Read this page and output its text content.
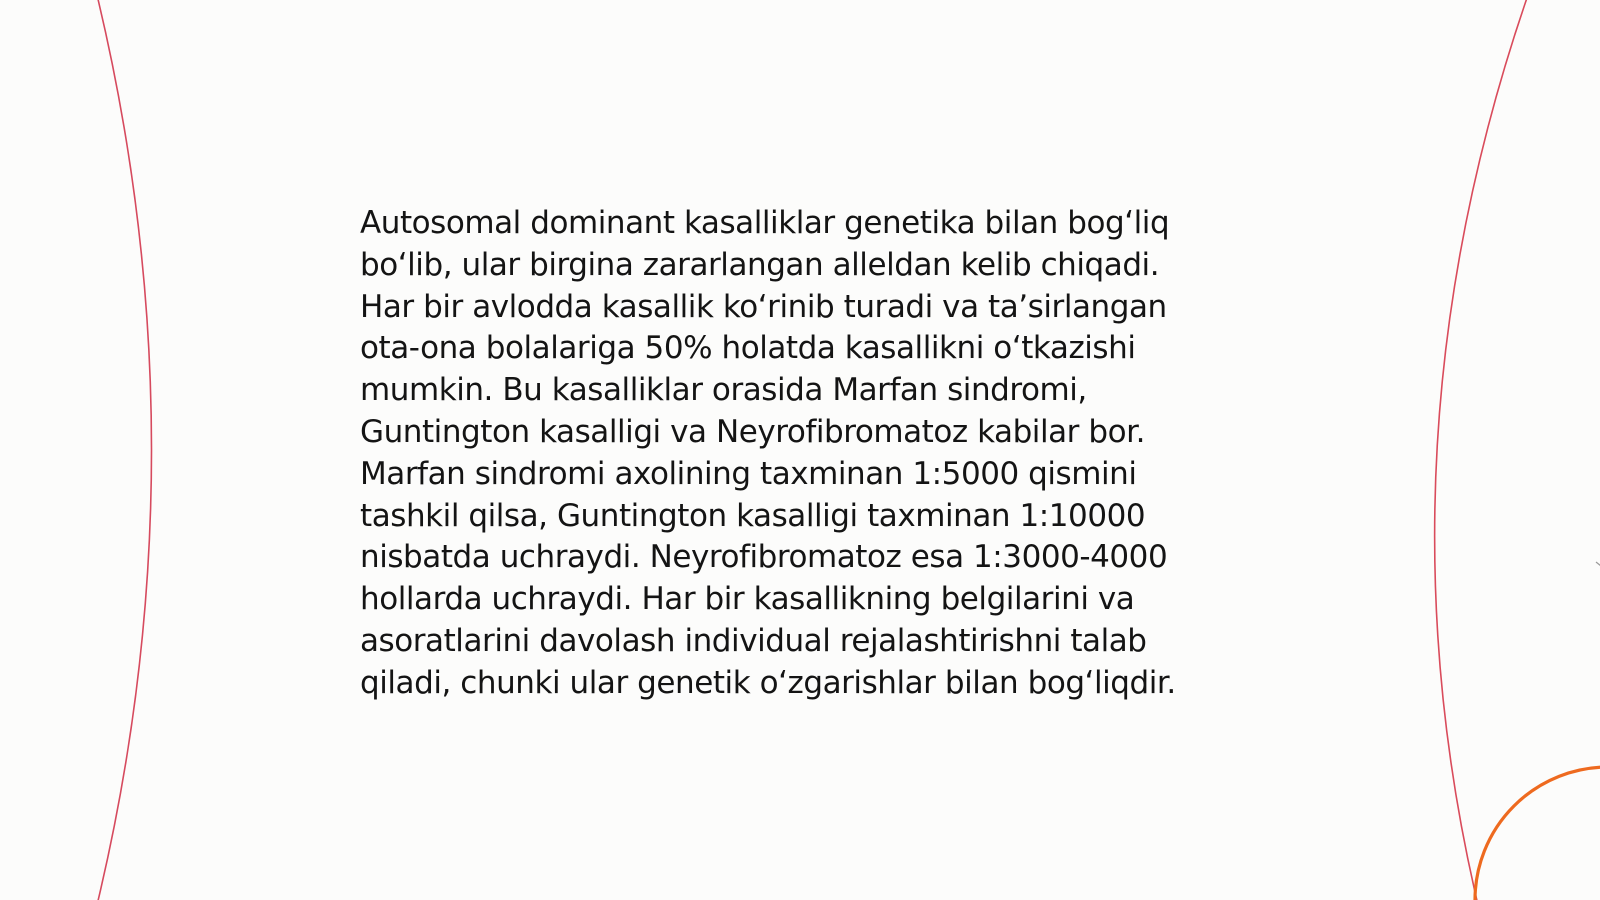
Autosomal dominant kasalliklar genetika bilan bog‘liq
bo‘lib, ular birgina zararlangan alleldan kelib chiqadi.
Har bir avlodda kasallik ko‘rinib turadi va ta’sirlangan
ota-ona bolalariga 50% holatda kasallikni o‘tkazishi
mumkin. Bu kasalliklar orasida Marfan sindromi,
Guntington kasalligi va Neyrofibromatoz kabilar bor.
Marfan sindromi axolining taxminan 1:5000 qismini
tashkil qilsa, Guntington kasalligi taxminan 1:10000
nisbatda uchraydi. Neyrofibromatoz esa 1:3000-4000
hollarda uchraydi. Har bir kasallikning belgilarini va
asoratlarini davolash individual rejalashtirishni talab
qiladi, chunki ular genetik o‘zgarishlar bilan bog‘liqdir.
